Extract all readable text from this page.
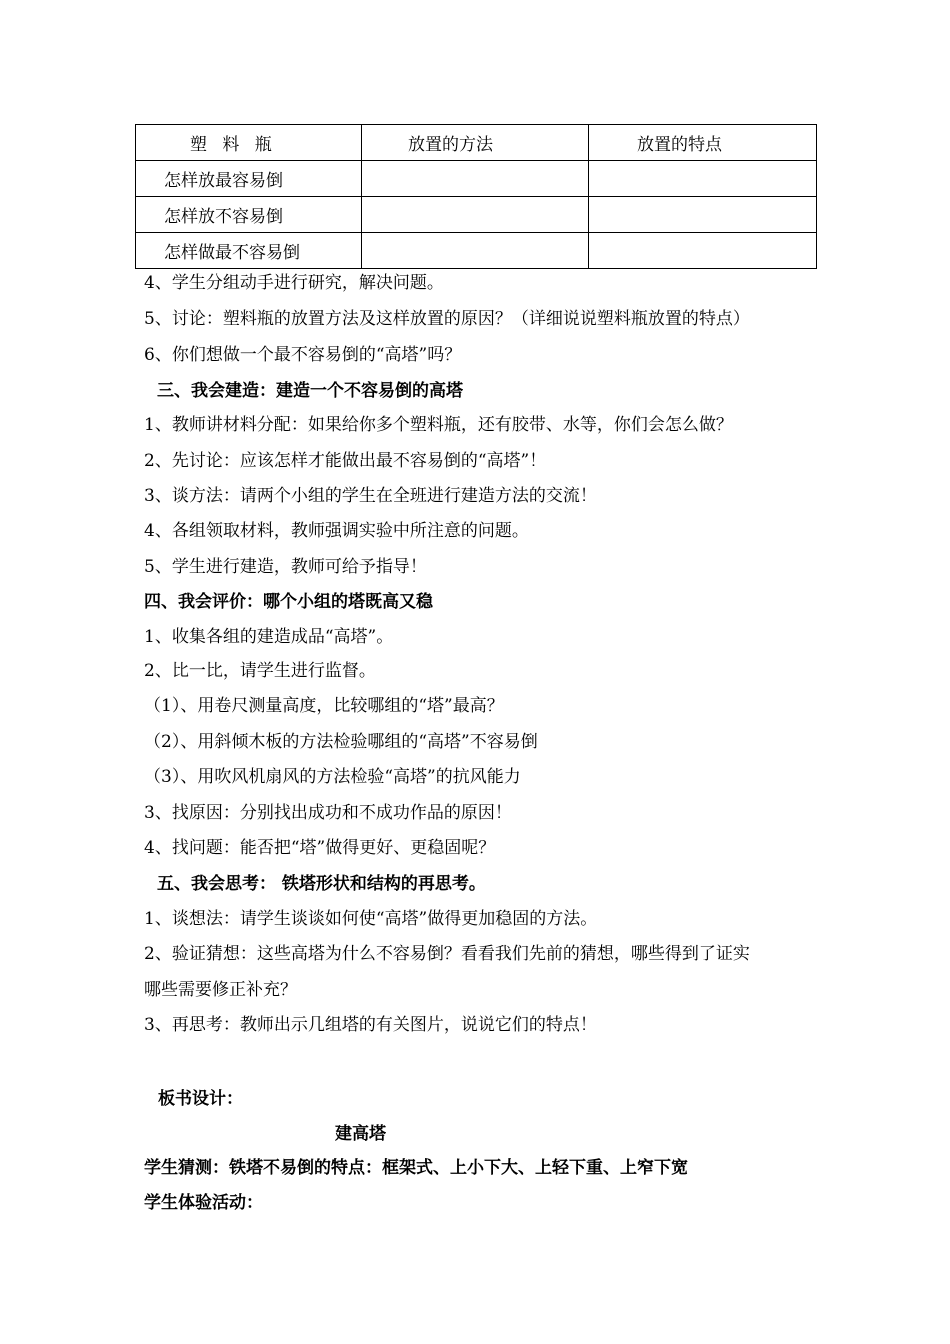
塑 料 瓶	放置的方法	放置的特点
怎样放最容易倒		
怎样放不容易倒		
怎样做最不容易倒		
4、学生分组动手进行研究，解决问题。
5、讨论：塑料瓶的放置方法及这样放置的原因？（详细说说塑料瓶放置的特点）
6、你们想做一个最不容易倒的“高塔”吗？
三、我会建造：建造一个不容易倒的高塔
1、教师讲材料分配：如果给你多个塑料瓶，还有胶带、水等，你们会怎么做？
2、先讨论：应该怎样才能做出最不容易倒的“高塔”！
3、谈方法：请两个小组的学生在全班进行建造方法的交流！
4、各组领取材料，教师强调实验中所注意的问题。
5、学生进行建造，教师可给予指导！
四、我会评价：哪个小组的塔既高又稳
1、收集各组的建造成品“高塔”。
2、比一比，请学生进行监督。
（1）、用卷尺测量高度，比较哪组的“塔”最高？
（2）、用斜倾木板的方法检验哪组的“高塔”不容易倒
（3）、用吹风机扇风的方法检验“高塔”的抗风能力
3、找原因：分别找出成功和不成功作品的原因！
4、找问题：能否把“塔”做得更好、更稳固呢？
五、我会思考： 铁塔形状和结构的再思考。
1、谈想法：请学生谈谈如何使“高塔”做得更加稳固的方法。
2、验证猜想：这些高塔为什么不容易倒？看看我们先前的猜想，哪些得到了证实
哪些需要修正补充？
3、再思考：教师出示几组塔的有关图片，说说它们的特点！
板书设计：
建高塔
学生猜测：铁塔不易倒的特点：框架式、上小下大、上轻下重、上窄下宽
学生体验活动：
